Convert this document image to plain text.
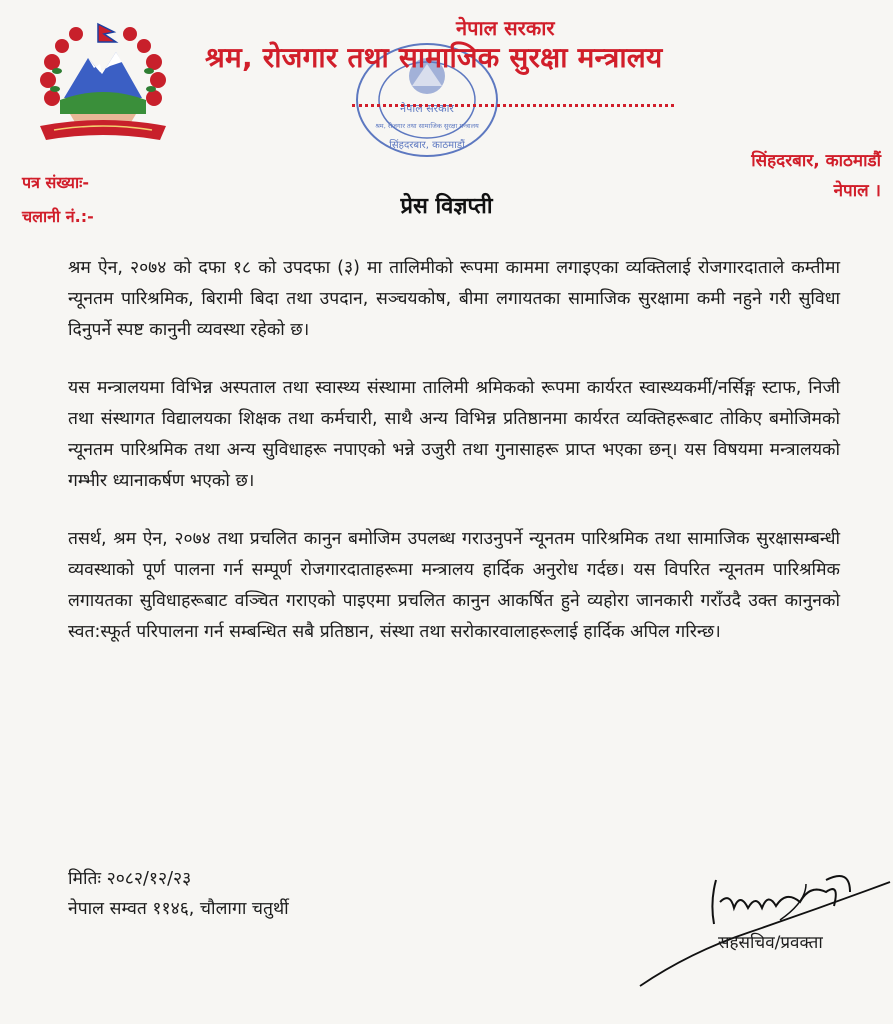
नेपाल सरकार
श्रम, रोजगार तथा सामाजिक सुरक्षा मन्त्रालय
सिंहदरबार, काठमाडौं
नेपाल सरकार
श्रम, रोजगार तथा सामाजिक सुरक्षा मन्त्रालय
सिंहदरबार, काठमाडौं
नेपाल ।
पत्र संख्याः-
चलानी नं.:-	प्रेस विज्ञप्ती

श्रम ऐन, २०७४ को दफा १८ को उपदफा (३) मा तालिमीको रूपमा काममा लगाइएका व्यक्तिलाई रोजगारदाताले कम्तीमा न्यूनतम पारिश्रमिक, बिरामी बिदा तथा उपदान, सञ्चयकोष, बीमा लगायतका सामाजिक सुरक्षामा कमी नहुने गरी सुविधा दिनुपर्ने स्पष्ट कानुनी व्यवस्था रहेको छ।

यस मन्त्रालयमा विभिन्न अस्पताल तथा स्वास्थ्य संस्थामा तालिमी श्रमिकको रूपमा कार्यरत स्वास्थ्यकर्मी/नर्सिङ्ग स्टाफ, निजी तथा संस्थागत विद्यालयका शिक्षक तथा कर्मचारी, साथै अन्य विभिन्न प्रतिष्ठानमा कार्यरत व्यक्तिहरूबाट तोकिए बमोजिमको न्यूनतम पारिश्रमिक तथा अन्य सुविधाहरू नपाएको भन्ने उजुरी तथा गुनासाहरू प्राप्त भएका छन्। यस विषयमा मन्त्रालयको गम्भीर ध्यानाकर्षण भएको छ।

तसर्थ, श्रम ऐन, २०७४ तथा प्रचलित कानुन बमोजिम उपलब्ध गराउनुपर्ने न्यूनतम पारिश्रमिक तथा सामाजिक सुरक्षासम्बन्धी व्यवस्थाको पूर्ण पालना गर्न सम्पूर्ण रोजगारदाताहरूमा मन्त्रालय हार्दिक अनुरोध गर्दछ। यस विपरित न्यूनतम पारिश्रमिक लगायतका सुविधाहरूबाट वञ्चित गराएको पाइएमा प्रचलित कानुन आकर्षित हुने व्यहोरा जानकारी गराँउदै उक्त कानुनको स्वत:स्फूर्त परिपालना गर्न सम्बन्धित सबै प्रतिष्ठान, संस्था तथा सरोकारवालाहरूलाई हार्दिक अपिल गरिन्छ।

मितिः २०८२/१२/२३
नेपाल सम्वत ११४६, चौलागा चतुर्थी
सहसचिव/प्रवक्ता
